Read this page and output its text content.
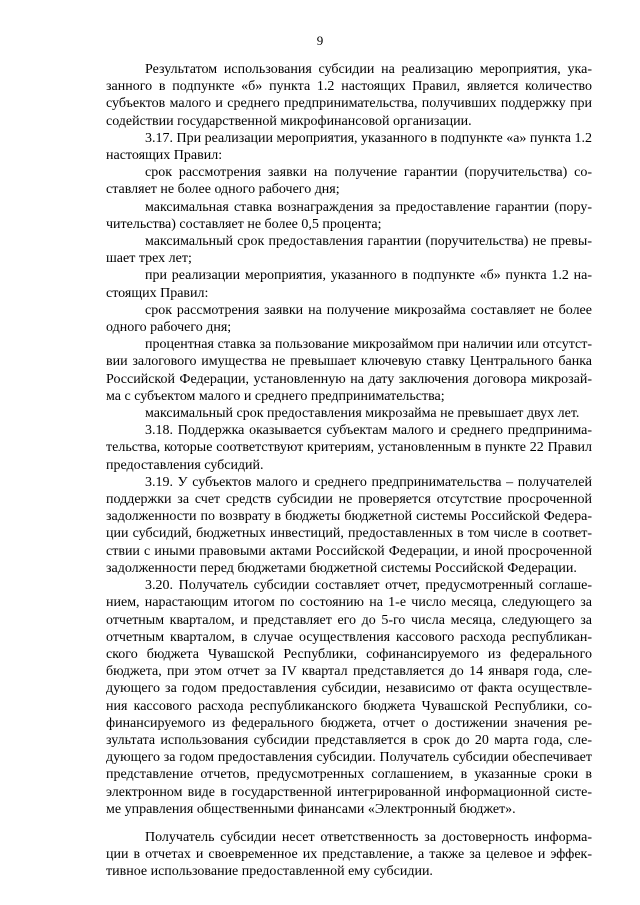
9

Результатом использования субсидии на реализацию мероприятия, ука-
занного в подпункте «б» пункта 1.2 настоящих Правил, является количество
субъектов малого и среднего предпринимательства, получивших поддержку при
содействии государственной микрофинансовой организации.

3.17. При реализации мероприятия, указанного в подпункте «а» пункта 1.2
настоящих Правил:

срок рассмотрения заявки на получение гарантии (поручительства) со-
ставляет не более одного рабочего дня;

максимальная ставка вознаграждения за предоставление гарантии (пору-
чительства) составляет не более 0,5 процента;

максимальный срок предоставления гарантии (поручительства) не превы-
шает трех лет;

при реализации мероприятия, указанного в подпункте «б» пункта 1.2 на-
стоящих Правил:

срок рассмотрения заявки на получение микрозайма составляет не более
одного рабочего дня;

процентная ставка за пользование микрозаймом при наличии или отсутст-
вии залогового имущества не превышает ключевую ставку Центрального банка
Российской Федерации, установленную на дату заключения договора микрозай-
ма с субъектом малого и среднего предпринимательства;

максимальный срок предоставления микрозайма не превышает двух лет.

3.18. Поддержка оказывается субъектам малого и среднего предпринима-
тельства, которые соответствуют критериям, установленным в пункте 22 Правил
предоставления субсидий.

3.19. У субъектов малого и среднего предпринимательства – получателей
поддержки за счет средств субсидии не проверяется отсутствие просроченной
задолженности по возврату в бюджеты бюджетной системы Российской Федера-
ции субсидий, бюджетных инвестиций, предоставленных в том числе в соответ-
ствии с иными правовыми актами Российской Федерации, и иной просроченной
задолженности перед бюджетами бюджетной системы Российской Федерации.

3.20. Получатель субсидии составляет отчет, предусмотренный соглаше-
нием, нарастающим итогом по состоянию на 1-е число месяца, следующего за
отчетным кварталом, и представляет его до 5-го числа месяца, следующего за
отчетным кварталом, в случае осуществления кассового расхода республикан-
ского бюджета Чувашской Республики, софинансируемого из федерального
бюджета, при этом отчет за IV квартал представляется до 14 января года, сле-
дующего за годом предоставления субсидии, независимо от факта осуществле-
ния кассового расхода республиканского бюджета Чувашской Республики, со-
финансируемого из федерального бюджета, отчет о достижении значения ре-
зультата использования субсидии представляется в срок до 20 марта года, сле-
дующего за годом предоставления субсидии. Получатель субсидии обеспечивает
представление отчетов, предусмотренных соглашением, в указанные сроки в
электронном виде в государственной интегрированной информационной систе-
ме управления общественными финансами «Электронный бюджет».

Получатель субсидии несет ответственность за достоверность информа-
ции в отчетах и своевременное их представление, а также за целевое и эффек-
тивное использование предоставленной ему субсидии.
